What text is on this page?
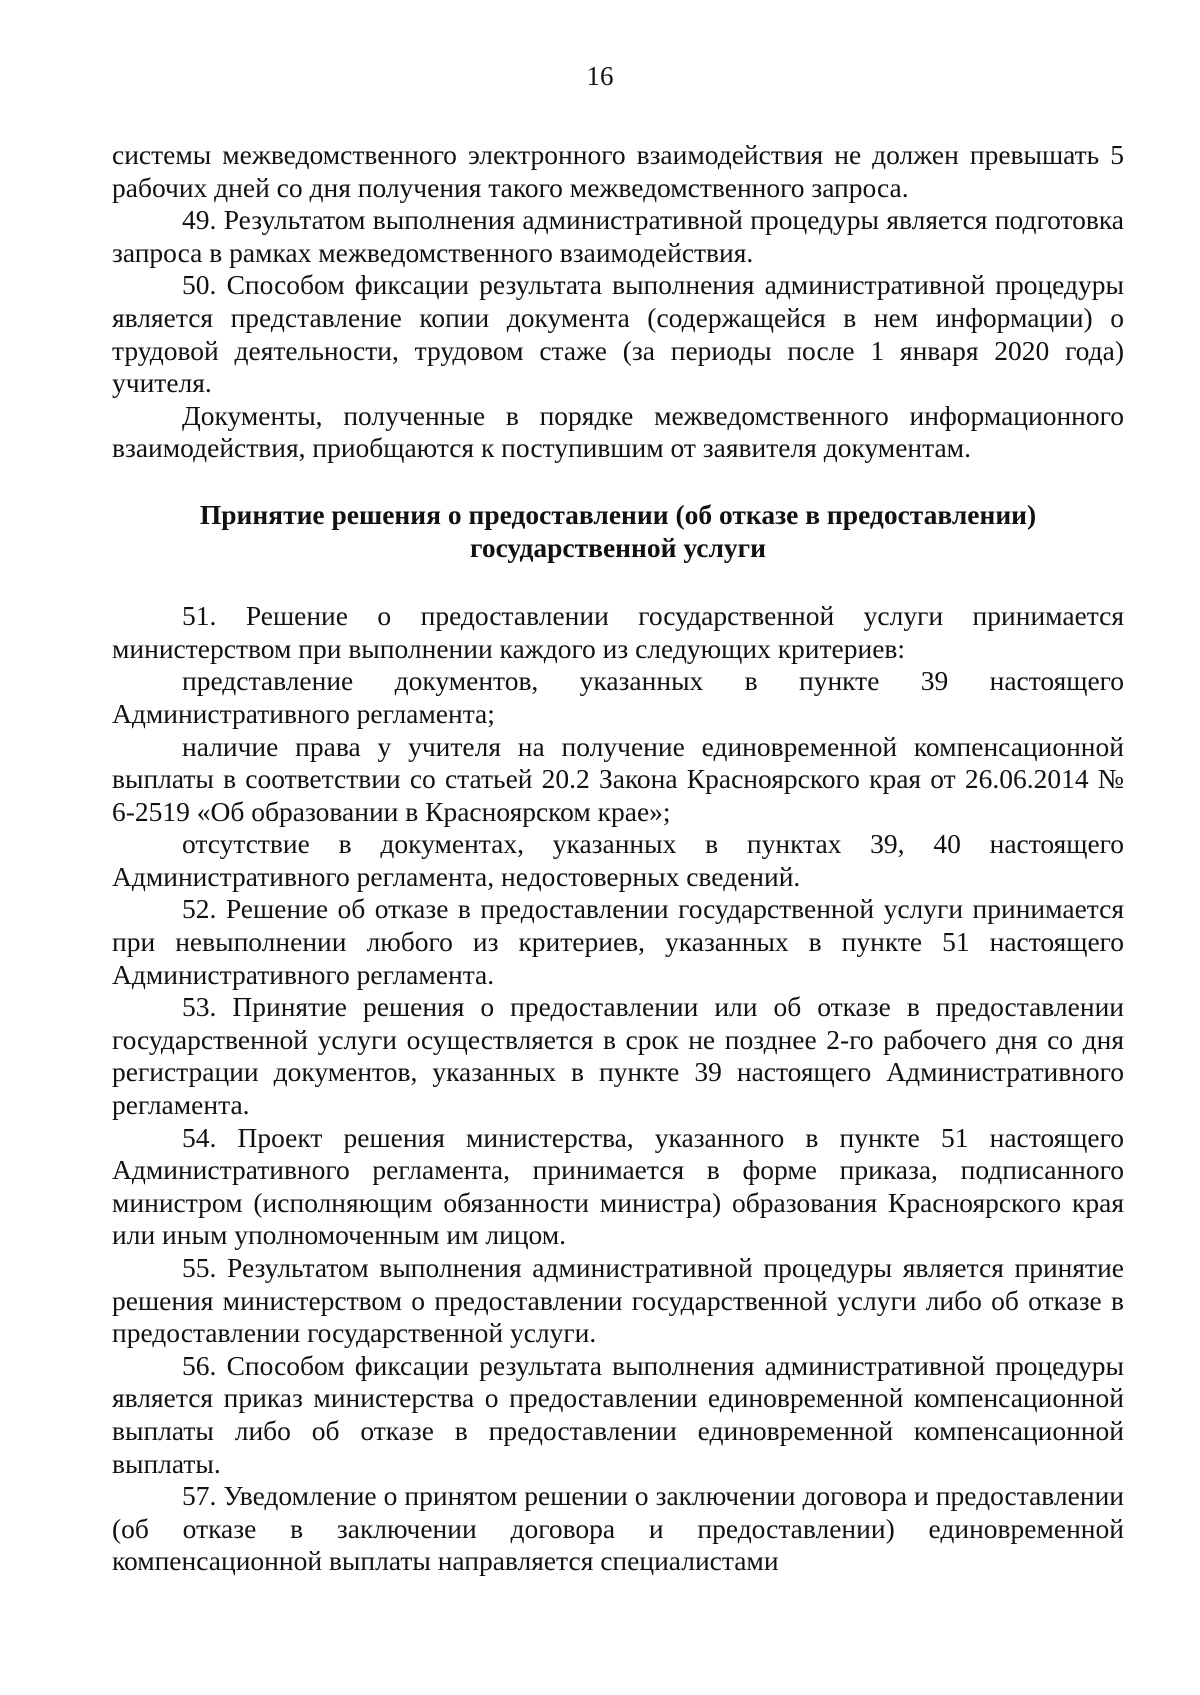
16

системы межведомственного электронного взаимодействия не должен превышать 5 рабочих дней со дня получения такого межведомственного запроса.

49. Результатом выполнения административной процедуры является подготовка запроса в рамках межведомственного взаимодействия.

50. Способом фиксации результата выполнения административной процедуры является представление копии документа (содержащейся в нем информации) о трудовой деятельности, трудовом стаже (за периоды после 1 января 2020 года) учителя.

Документы, полученные в порядке межведомственного информационного взаимодействия, приобщаются к поступившим от заявителя документам.

Принятие решения о предоставлении (об отказе в предоставлении)
государственной услуги

51. Решение о предоставлении государственной услуги принимается министерством при выполнении каждого из следующих критериев:

представление документов, указанных в пункте 39 настоящего Административного регламента;

наличие права у учителя на получение единовременной компенсационной выплаты в соответствии со статьей 20.2 Закона Красноярского края от 26.06.2014 № 6-2519 «Об образовании в Красноярском крае»;

отсутствие в документах, указанных в пунктах 39, 40 настоящего Административного регламента, недостоверных сведений.

52. Решение об отказе в предоставлении государственной услуги принимается при невыполнении любого из критериев, указанных в пункте 51 настоящего Административного регламента.

53. Принятие решения о предоставлении или об отказе в предоставлении государственной услуги осуществляется в срок не позднее 2-го рабочего дня со дня регистрации документов, указанных в пункте 39 настоящего Административного регламента.

54. Проект решения министерства, указанного в пункте 51 настоящего Административного регламента, принимается в форме приказа, подписанного министром (исполняющим обязанности министра) образования Красноярского края или иным уполномоченным им лицом.

55. Результатом выполнения административной процедуры является принятие решения министерством о предоставлении государственной услуги либо об отказе в предоставлении государственной услуги.

56. Способом фиксации результата выполнения административной процедуры является приказ министерства о предоставлении единовременной компенсационной выплаты либо об отказе в предоставлении единовременной компенсационной выплаты.

57. Уведомление о принятом решении о заключении договора и предоставлении (об отказе в заключении договора и предоставлении) единовременной компенсационной выплаты направляется специалистами
